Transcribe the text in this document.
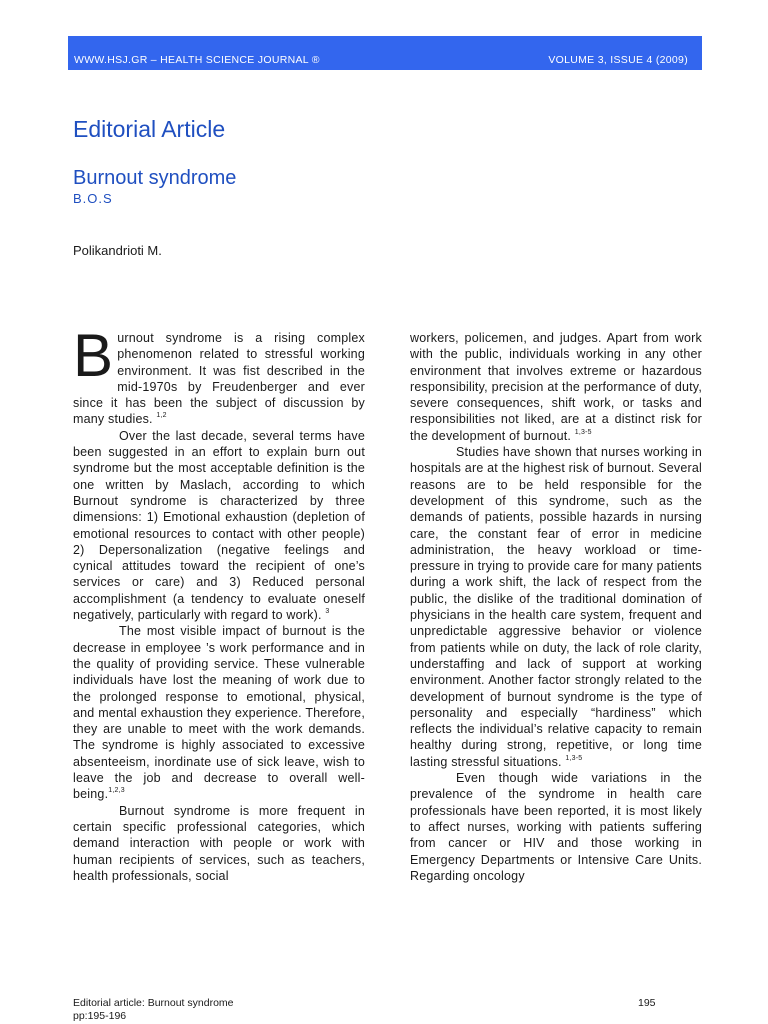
WWW.HSJ.GR – HEALTH SCIENCE JOURNAL ®	VOLUME 3, ISSUE 4 (2009)
Editorial Article
Burnout syndrome
B.O.S
Polikandrioti M.

Burnout syndrome is a rising complex phenomenon related to stressful working environment. It was fist described in the mid-1970s by Freudenberger and ever since it has been the subject of discussion by many studies. $^{1,2}$

Over the last decade, several terms have been suggested in an effort to explain burn out syndrome but the most acceptable definition is the one written by Maslach, according to which Burnout syndrome is characterized by three dimensions: 1) Emotional exhaustion (depletion of emotional resources to contact with other people) 2) Depersonalization (negative feelings and cynical attitudes toward the recipient of one’s services or care) and 3) Reduced personal accomplishment (a tendency to evaluate oneself negatively, particularly with regard to work). $^3$

The most visible impact of burnout is the decrease in employee ’s work performance and in the quality of providing service. These vulnerable individuals have lost the meaning of work due to the prolonged response to emotional, physical, and mental exhaustion they experience. Therefore, they are unable to meet with the work demands. The syndrome is highly associated to excessive absenteeism, inordinate use of sick leave, wish to leave the job and decrease to overall well-being.$^{1,2,3}$

Burnout syndrome is more frequent in certain specific professional categories, which demand interaction with people or work with human recipients of services, such as teachers, health professionals, social

workers, policemen, and judges. Apart from work with the public, individuals working in any other environment that involves extreme or hazardous responsibility, precision at the performance of duty, severe consequences, shift work, or tasks and responsibilities not liked, are at a distinct risk for the development of burnout. $^{1,3-5}$

Studies have shown that nurses working in hospitals are at the highest risk of burnout. Several reasons are to be held responsible for the development of this syndrome, such as the demands of patients, possible hazards in nursing care, the constant fear of error in medicine administration, the heavy workload or time-pressure in trying to provide care for many patients during a work shift, the lack of respect from the public, the dislike of the traditional domination of physicians in the health care system, frequent and unpredictable aggressive behavior or violence from patients while on duty, the lack of role clarity, understaffing and lack of support at working environment. Another factor strongly related to the development of burnout syndrome is the type of personality and especially “hardiness” which reflects the individual’s relative capacity to remain healthy during strong, repetitive, or long time lasting stressful situations. $^{1,3-5}$

Even though wide variations in the prevalence of the syndrome in health care professionals have been reported, it is most likely to affect nurses, working with patients suffering from cancer or HIV and those working in Emergency Departments or Intensive Care Units. Regarding oncology

Editorial article: Burnout syndrome
pp:195-196
195
